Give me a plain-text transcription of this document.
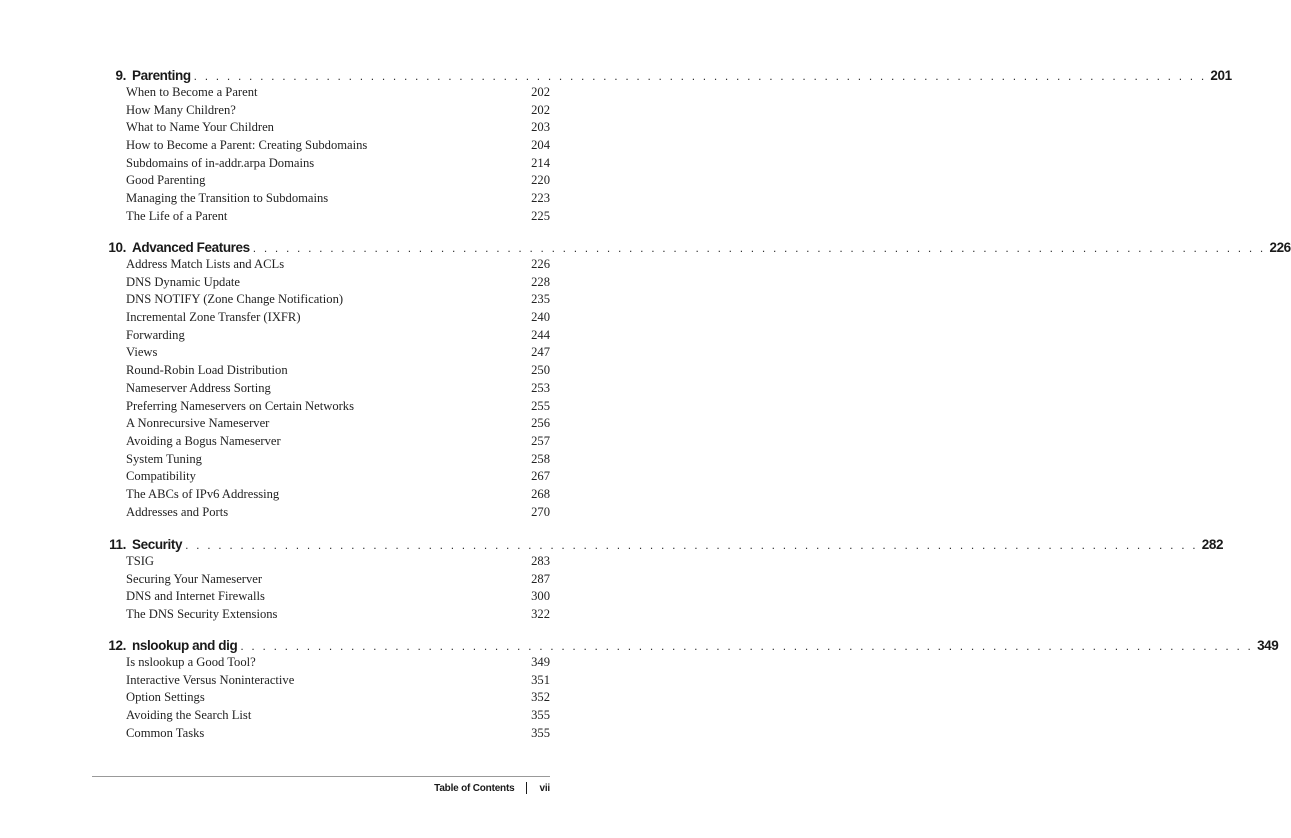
9. Parenting . . . . . . . . . . . . . . . . . . . . . . . . . . . . . . . . . . . . . . . . . . . . . . . . . . . . . . . . . . . . . . . . . . . . . . . . . . . . . . . . . . . . . . . . . . . . 201
When to Become a Parent	202
How Many Children?	202
What to Name Your Children	203
How to Become a Parent: Creating Subdomains	204
Subdomains of in-addr.arpa Domains	214
Good Parenting	220
Managing the Transition to Subdomains	223
The Life of a Parent	225
10. Advanced Features . . . . . . . . . . . . . . . . . . . . . . . . . . . . . . . . . . . . . . . . . . . . . . . . . . . . . . . . . . . . . . . . . . . . . . . . . . . . . . . . . . . . . . . . . . . . 226
Address Match Lists and ACLs	226
DNS Dynamic Update	228
DNS NOTIFY (Zone Change Notification)	235
Incremental Zone Transfer (IXFR)	240
Forwarding	244
Views	247
Round-Robin Load Distribution	250
Nameserver Address Sorting	253
Preferring Nameservers on Certain Networks	255
A Nonrecursive Nameserver	256
Avoiding a Bogus Nameserver	257
System Tuning	258
Compatibility	267
The ABCs of IPv6 Addressing	268
Addresses and Ports	270
11. Security . . . . . . . . . . . . . . . . . . . . . . . . . . . . . . . . . . . . . . . . . . . . . . . . . . . . . . . . . . . . . . . . . . . . . . . . . . . . . . . . . . . . . . . . . . . . 282
TSIG	283
Securing Your Nameserver	287
DNS and Internet Firewalls	300
The DNS Security Extensions	322
12. nslookup and dig . . . . . . . . . . . . . . . . . . . . . . . . . . . . . . . . . . . . . . . . . . . . . . . . . . . . . . . . . . . . . . . . . . . . . . . . . . . . . . . . . . . . . . . . . . . . 349
Is nslookup a Good Tool?	349
Interactive Versus Noninteractive	351
Option Settings	352
Avoiding the Search List	355
Common Tasks	355
Table of Contents	vii
